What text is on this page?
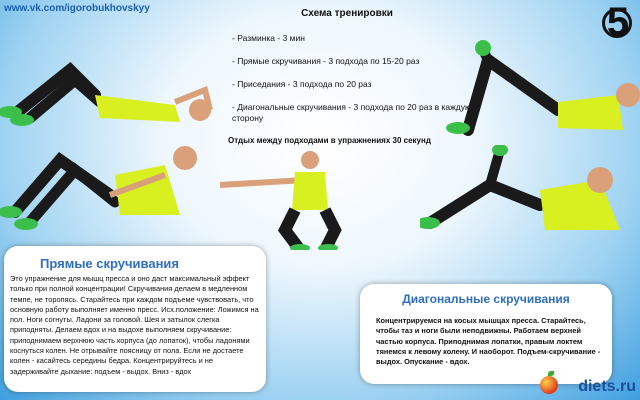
www.vk.com/igorobukhovskyy	5
Схема тренировки
- Разминка - 3 мин
- Прямые скручивания - 3 подхода по 15-20 раз
- Приседания - 3 подхода по 20 раз
- Диагональные скручивания - 3 подхода по 20 раз в каждую сторону
Отдых между подходами в упражнениях 30 секунд
Прямые скручивания
Это упражнение для мышц пресса и оно даст максимальный эффект только при полной концентрации! Скручивания делаем в медленном темпе, не торопясь. Старайтесь при каждом подъеме чувствовать, что основную работу выполняет именно пресс. Исх.положение: Ложимся на пол. Ноги согнуты. Ладони за головой. Шея и затылок слегка приподняты. Делаем вдох и на выдохе выполняем скручивание: приподнимаем верхнюю часть корпуса (до лопаток), чтобы ладонями коснуться колен. Не отрывайте поясницу от пола. Если не достаете колен - касайтесь середины бедра. Концентрируйтесь и не задерживайте дыхание: подъем - выдох. Вниз - вдох
Диагональные скручивания
Концентрируемся на косых мышцах пресса. Старайтесь, чтобы таз и ноги были неподвижны. Работаем верхней частью корпуса. Приподнимая лопатки, правым локтем тянемся к левому колену. И наоборот. Подъем-скручивание - выдох. Опускание - вдох.
diets.ru
